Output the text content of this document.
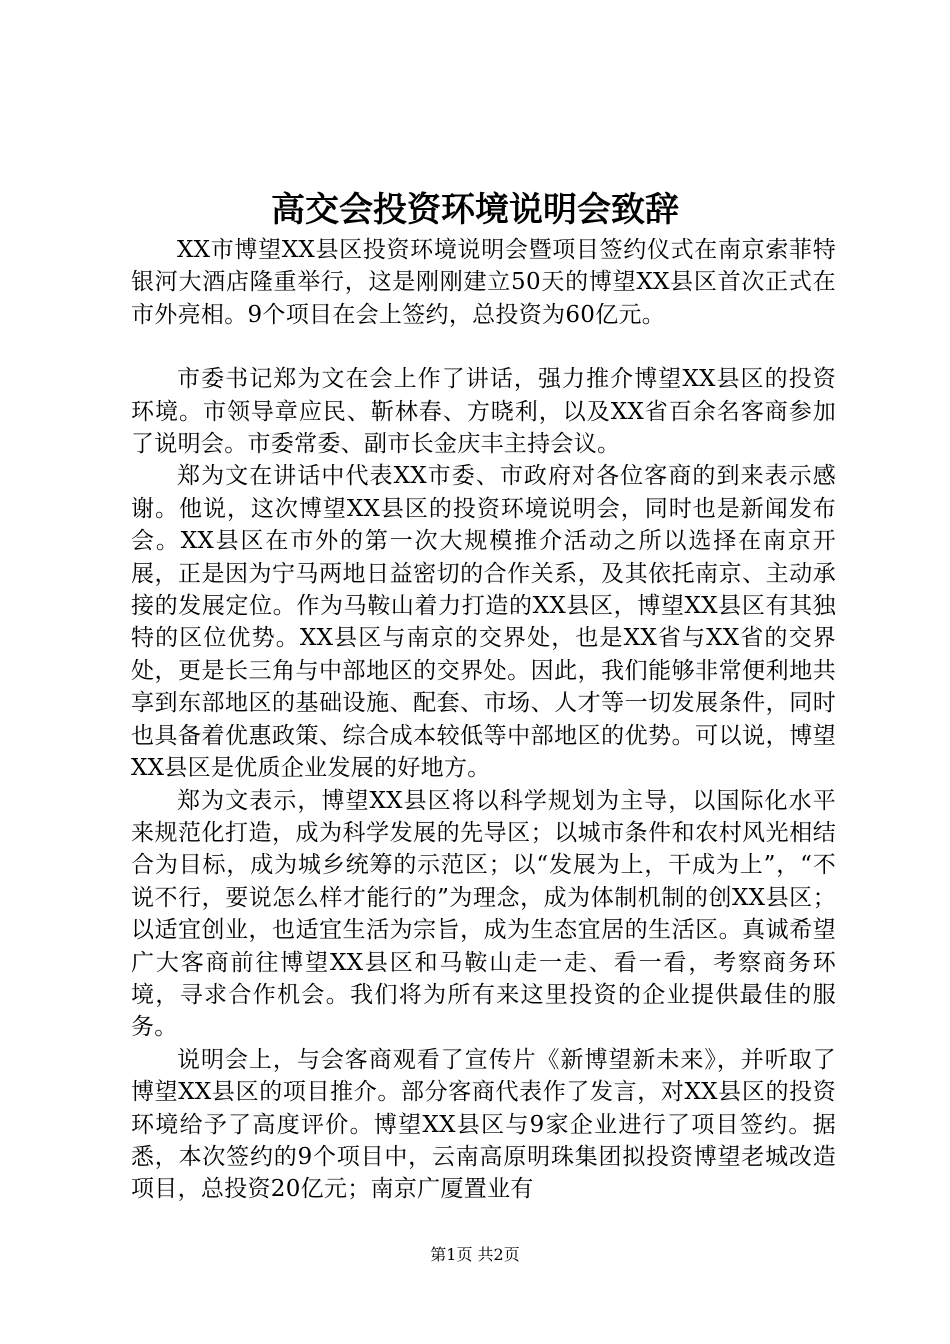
高交会投资环境说明会致辞

XX市博望XX县区投资环境说明会暨项目签约仪式在南京索菲特银河大酒店隆重举行，这是刚刚建立50天的博望XX县区首次正式在市外亮相。9个项目在会上签约，总投资为60亿元。

市委书记郑为文在会上作了讲话，强力推介博望XX县区的投资环境。市领导章应民、靳林春、方晓利，以及XX省百余名客商参加了说明会。市委常委、副市长金庆丰主持会议。

郑为文在讲话中代表XX市委、市政府对各位客商的到来表示感谢。他说，这次博望XX县区的投资环境说明会，同时也是新闻发布会。XX县区在市外的第一次大规模推介活动之所以选择在南京开展，正是因为宁马两地日益密切的合作关系，及其依托南京、主动承接的发展定位。作为马鞍山着力打造的XX县区，博望XX县区有其独特的区位优势。XX县区与南京的交界处，也是XX省与XX省的交界处，更是长三角与中部地区的交界处。因此，我们能够非常便利地共享到东部地区的基础设施、配套、市场、人才等一切发展条件，同时也具备着优惠政策、综合成本较低等中部地区的优势。可以说，博望XX县区是优质企业发展的好地方。

郑为文表示，博望XX县区将以科学规划为主导，以国际化水平来规范化打造，成为科学发展的先导区；以城市条件和农村风光相结合为目标，成为城乡统筹的示范区；以“发展为上，干成为上”，“不说不行，要说怎么样才能行的”为理念，成为体制机制的创XX县区；以适宜创业，也适宜生活为宗旨，成为生态宜居的生活区。真诚希望广大客商前往博望XX县区和马鞍山走一走、看一看，考察商务环境，寻求合作机会。我们将为所有来这里投资的企业提供最佳的服务。

说明会上，与会客商观看了宣传片《新博望新未来》，并听取了博望XX县区的项目推介。部分客商代表作了发言，对XX县区的投资环境给予了高度评价。博望XX县区与9家企业进行了项目签约。据悉，本次签约的9个项目中，云南高原明珠集团拟投资博望老城改造项目，总投资20亿元；南京广厦置业有

第1页 共2页
